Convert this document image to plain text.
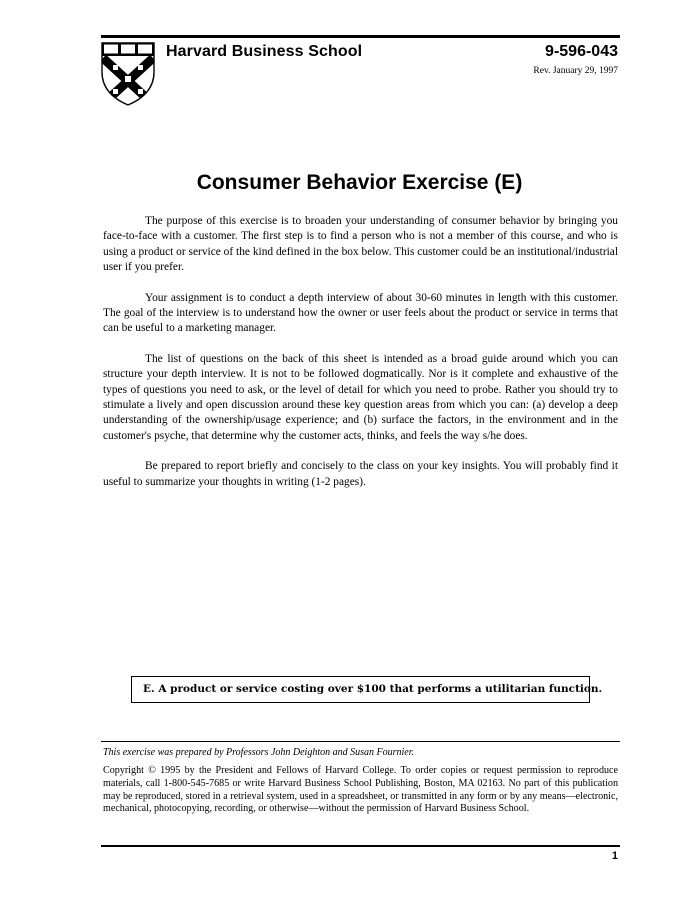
Harvard Business School	9-596-043
Rev. January 29, 1997
Consumer Behavior Exercise (E)

The purpose of this exercise is to broaden your understanding of consumer behavior by bringing you face-to-face with a customer. The first step is to find a person who is not a member of this course, and who is using a product or service of the kind defined in the box below. This customer could be an institutional/industrial user if you prefer.

Your assignment is to conduct a depth interview of about 30-60 minutes in length with this customer. The goal of the interview is to understand how the owner or user feels about the product or service in terms that can be useful to a marketing manager.

The list of questions on the back of this sheet is intended as a broad guide around which you can structure your depth interview. It is not to be followed dogmatically. Nor is it complete and exhaustive of the types of questions you need to ask, or the level of detail for which you need to probe. Rather you should try to stimulate a lively and open discussion around these key question areas from which you can: (a) develop a deep understanding of the ownership/usage experience; and (b) surface the factors, in the environment and in the customer's psyche, that determine why the customer acts, thinks, and feels the way s/he does.

Be prepared to report briefly and concisely to the class on your key insights. You will probably find it useful to summarize your thoughts in writing (1-2 pages).

E. A product or service costing over $100 that performs a utilitarian function.
This exercise was prepared by Professors John Deighton and Susan Fournier.

Copyright © 1995 by the President and Fellows of Harvard College. To order copies or request permission to reproduce materials, call 1-800-545-7685 or write Harvard Business School Publishing, Boston, MA 02163. No part of this publication may be reproduced, stored in a retrieval system, used in a spreadsheet, or transmitted in any form or by any means—electronic, mechanical, photocopying, recording, or otherwise—without the permission of Harvard Business School.

1
